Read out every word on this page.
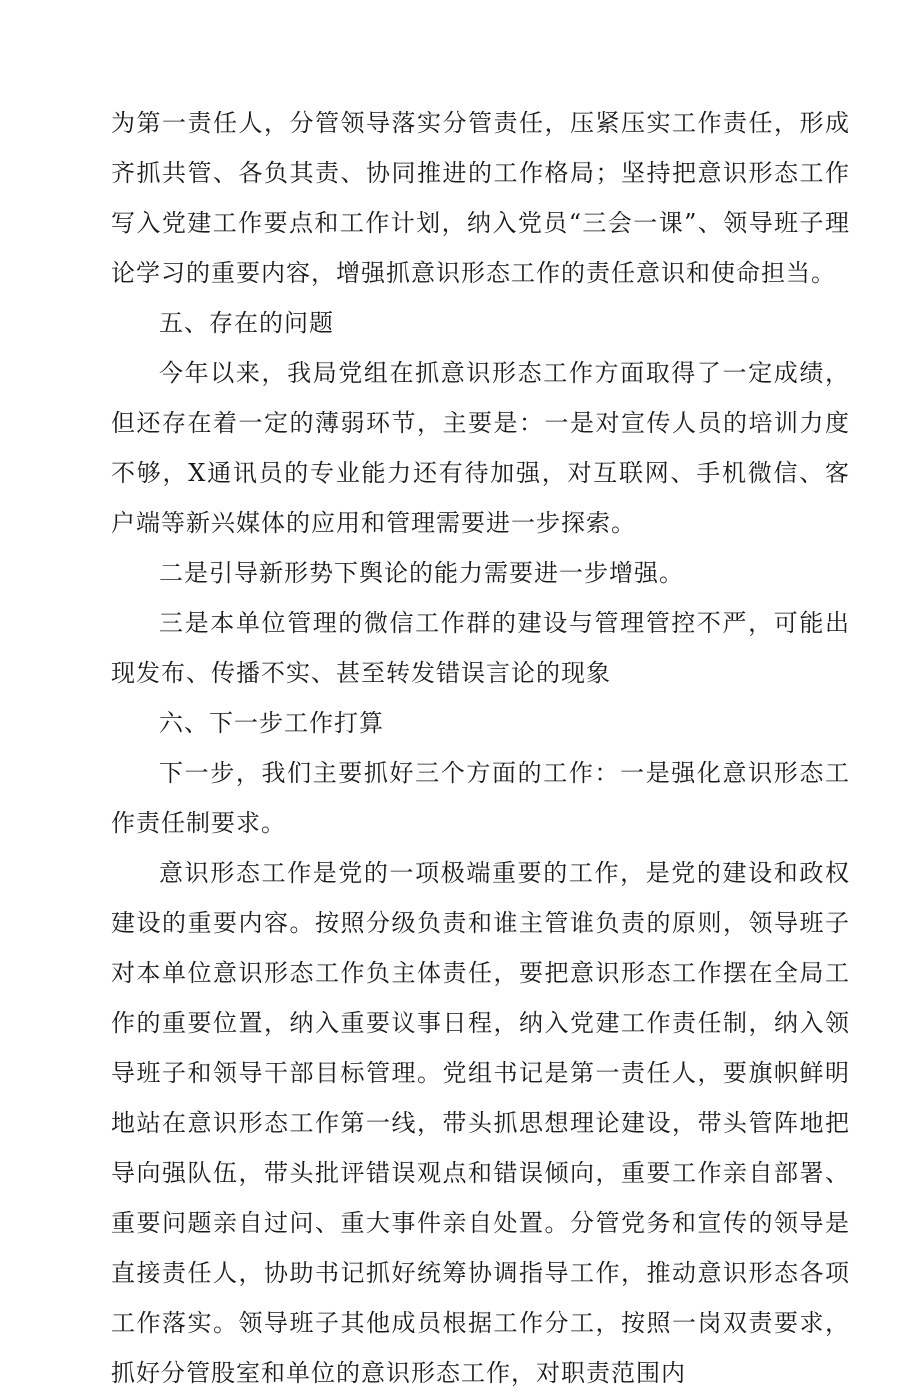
为第一责任人，分管领导落实分管责任，压紧压实工作责任，形成齐抓共管、各负其责、协同推进的工作格局；坚持把意识形态工作写入党建工作要点和工作计划，纳入党员“三会一课”、领导班子理论学习的重要内容，增强抓意识形态工作的责任意识和使命担当。

五、存在的问题

今年以来，我局党组在抓意识形态工作方面取得了一定成绩，但还存在着一定的薄弱环节，主要是：一是对宣传人员的培训力度不够，X通讯员的专业能力还有待加强，对互联网、手机微信、客户端等新兴媒体的应用和管理需要进一步探索。

二是引导新形势下舆论的能力需要进一步增强。

三是本单位管理的微信工作群的建设与管理管控不严，可能出现发布、传播不实、甚至转发错误言论的现象

六、下一步工作打算

下一步，我们主要抓好三个方面的工作：一是强化意识形态工作责任制要求。

意识形态工作是党的一项极端重要的工作，是党的建设和政权建设的重要内容。按照分级负责和谁主管谁负责的原则，领导班子对本单位意识形态工作负主体责任，要把意识形态工作摆在全局工作的重要位置，纳入重要议事日程，纳入党建工作责任制，纳入领导班子和领导干部目标管理。党组书记是第一责任人，要旗帜鲜明地站在意识形态工作第一线，带头抓思想理论建设，带头管阵地把导向强队伍，带头批评错误观点和错误倾向，重要工作亲自部署、重要问题亲自过问、重大事件亲自处置。分管党务和宣传的领导是直接责任人，协助书记抓好统筹协调指导工作，推动意识形态各项工作落实。领导班子其他成员根据工作分工，按照一岗双责要求，抓好分管股室和单位的意识形态工作，对职责范围内
